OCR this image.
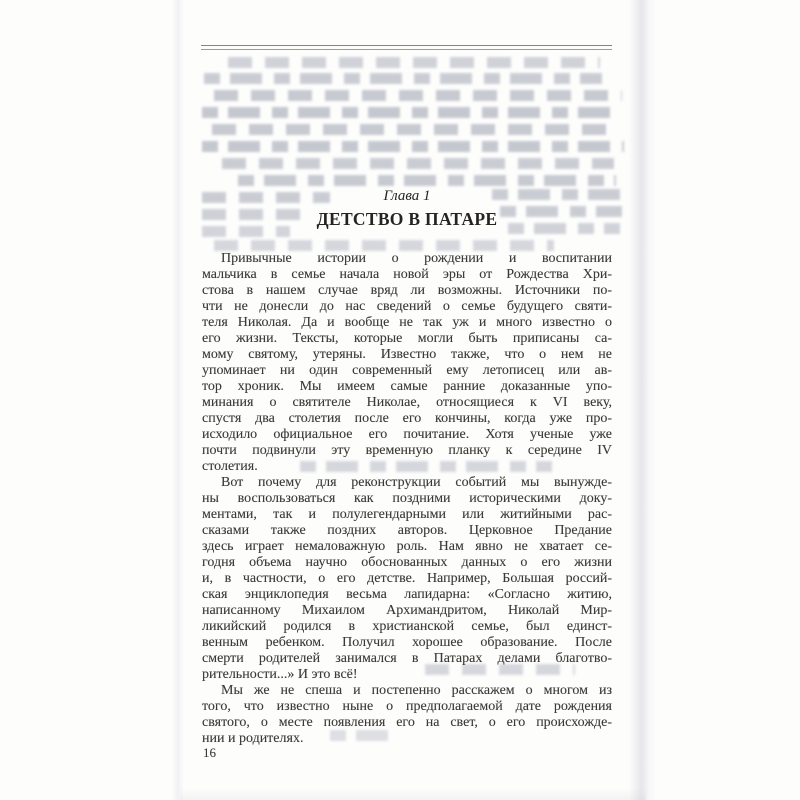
Глава 1
ДЕТСТВО В ПАТАРЕ
Привычные истории о рождении и воспитании
мальчика в семье начала новой эры от Рождества Хри-
стова в нашем случае вряд ли возможны. Источники по-
чти не донесли до нас сведений о семье будущего святи-
теля Николая. Да и вообще не так уж и много известно о
его жизни. Тексты, которые могли быть приписаны са-
мому святому, утеряны. Известно также, что о нем не
упоминает ни один современный ему летописец или ав-
тор хроник. Мы имеем самые ранние доказанные упо-
минания о святителе Николае, относящиеся к VI веку,
спустя два столетия после его кончины, когда уже про-
исходило официальное его почитание. Хотя ученые уже
почти подвинули эту временную планку к середине IV
столетия.
Вот почему для реконструкции событий мы вынужде-
ны воспользоваться как поздними историческими доку-
ментами, так и полулегендарными или житийными рас-
сказами также поздних авторов. Церковное Предание
здесь играет немаловажную роль. Нам явно не хватает се-
годня объема научно обоснованных данных о его жизни
и, в частности, о его детстве. Например, Большая россий-
ская энциклопедия весьма лапидарна: «Согласно житию,
написанному Михаилом Архимандритом, Николай Мир-
ликийский родился в христианской семье, был единст-
венным ребенком. Получил хорошее образование. После
смерти родителей занимался в Патарах делами благотво-
рительности...» И это всё!
Мы же не спеша и постепенно расскажем о многом из
того, что известно ныне о предполагаемой дате рождения
святого, о месте появления его на свет, о его происхожде-
нии и родителях.
16
